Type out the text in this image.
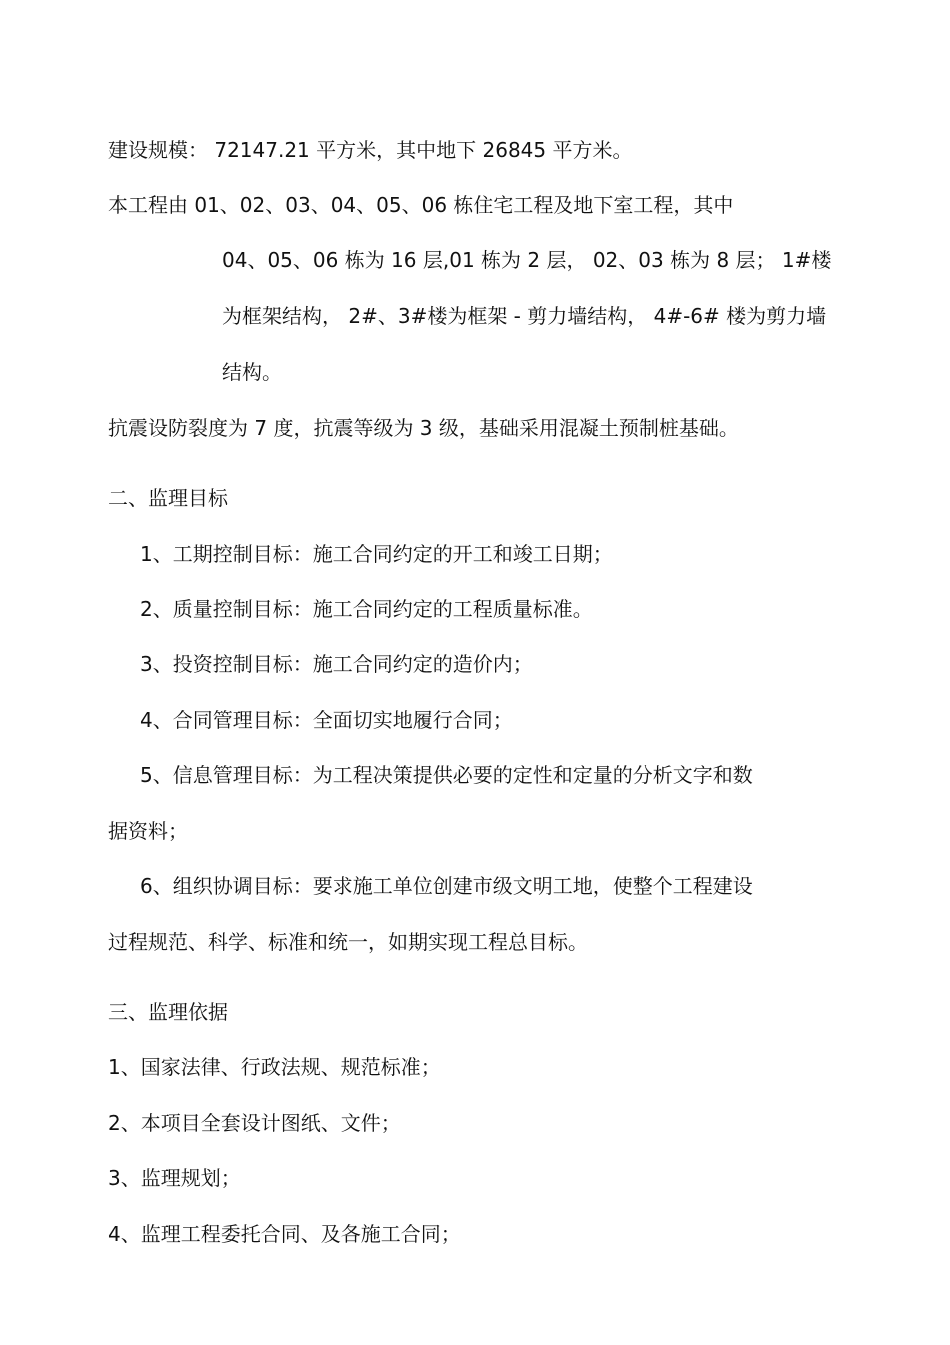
建设规模： 72147.21 平方米，其中地下 26845 平方米。
本工程由 01、02、03、04、05、06 栋住宅工程及地下室工程，其中
04、05、06 栋为 16 层,01 栋为 2 层， 02、03 栋为 8 层； 1#楼
为框架结构， 2#、3#楼为框架 - 剪力墙结构， 4#-6# 楼为剪力墙
结构。
抗震设防裂度为 7 度，抗震等级为 3 级，基础采用混凝土预制桩基础。
二、监理目标
1、工期控制目标：施工合同约定的开工和竣工日期；
2、质量控制目标：施工合同约定的工程质量标准。
3、投资控制目标：施工合同约定的造价内；
4、合同管理目标：全面切实地履行合同；
5、信息管理目标：为工程决策提供必要的定性和定量的分析文字和数
据资料；
6、组织协调目标：要求施工单位创建市级文明工地，使整个工程建设
过程规范、科学、标准和统一，如期实现工程总目标。
三、监理依据
1、国家法律、行政法规、规范标准；
2、本项目全套设计图纸、文件；
3、监理规划；
4、监理工程委托合同、及各施工合同；
